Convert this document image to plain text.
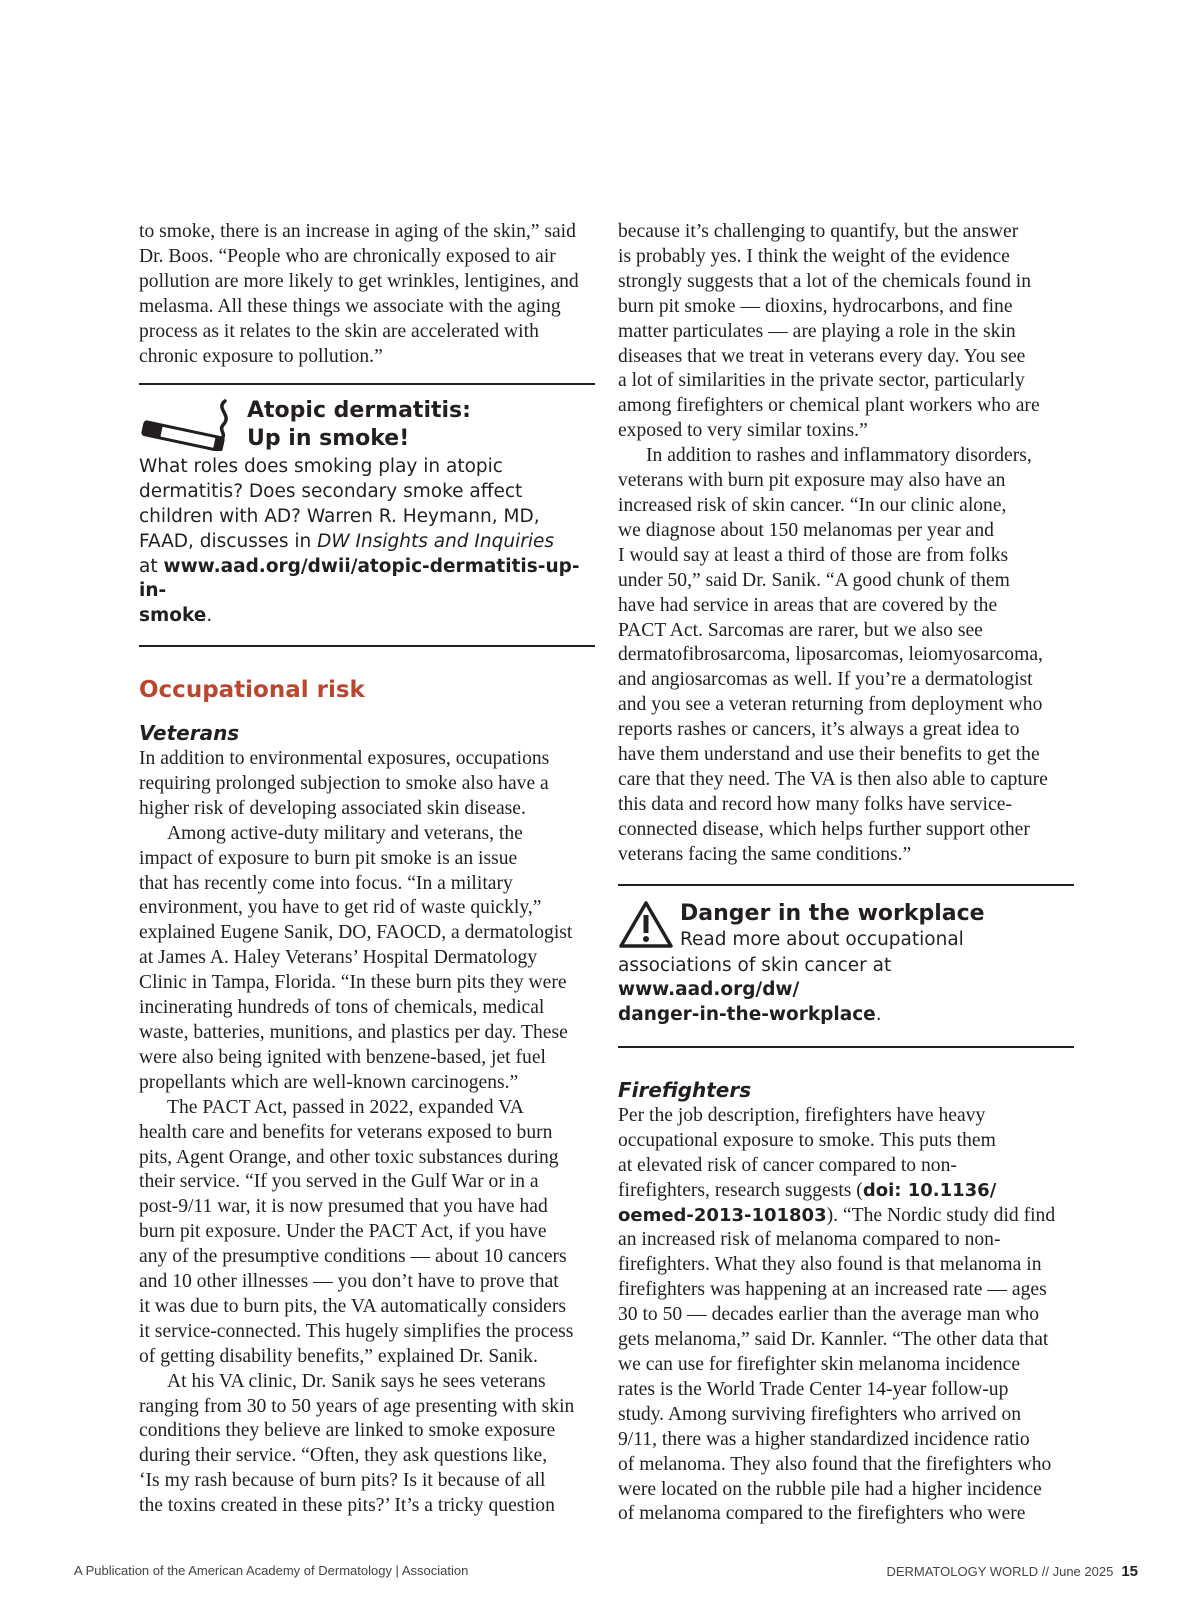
to smoke, there is an increase in aging of the skin,” said
Dr. Boos. “People who are chronically exposed to air
pollution are more likely to get wrinkles, lentigines, and
melasma. All these things we associate with the aging
process as it relates to the skin are accelerated with
chronic exposure to pollution.”

Atopic dermatitis:
Up in smoke!
What roles does smoking play in atopic
dermatitis? Does secondary smoke affect
children with AD? Warren R. Heymann, MD,
FAAD, discusses in DW Insights and Inquiries
at www.aad.org/dwii/atopic-dermatitis-up-in-
smoke.
Occupational risk
Veterans

In addition to environmental exposures, occupations
requiring prolonged subjection to smoke also have a
higher risk of developing associated skin disease.

Among active-duty military and veterans, the
impact of exposure to burn pit smoke is an issue
that has recently come into focus. “In a military
environment, you have to get rid of waste quickly,”
explained Eugene Sanik, DO, FAOCD, a dermatologist
at James A. Haley Veterans’ Hospital Dermatology
Clinic in Tampa, Florida. “In these burn pits they were
incinerating hundreds of tons of chemicals, medical
waste, batteries, munitions, and plastics per day. These
were also being ignited with benzene-based, jet fuel
propellants which are well-known carcinogens.”

The PACT Act, passed in 2022, expanded VA
health care and benefits for veterans exposed to burn
pits, Agent Orange, and other toxic substances during
their service. “If you served in the Gulf War or in a
post-9/11 war, it is now presumed that you have had
burn pit exposure. Under the PACT Act, if you have
any of the presumptive conditions — about 10 cancers
and 10 other illnesses — you don’t have to prove that
it was due to burn pits, the VA automatically considers
it service-connected. This hugely simplifies the process
of getting disability benefits,” explained Dr. Sanik.

At his VA clinic, Dr. Sanik says he sees veterans
ranging from 30 to 50 years of age presenting with skin
conditions they believe are linked to smoke exposure
during their service. “Often, they ask questions like,
‘Is my rash because of burn pits? Is it because of all
the toxins created in these pits?’ It’s a tricky question

because it’s challenging to quantify, but the answer
is probably yes. I think the weight of the evidence
strongly suggests that a lot of the chemicals found in
burn pit smoke — dioxins, hydrocarbons, and fine
matter particulates — are playing a role in the skin
diseases that we treat in veterans every day. You see
a lot of similarities in the private sector, particularly
among firefighters or chemical plant workers who are
exposed to very similar toxins.”

In addition to rashes and inflammatory disorders,
veterans with burn pit exposure may also have an
increased risk of skin cancer. “In our clinic alone,
we diagnose about 150 melanomas per year and
I would say at least a third of those are from folks
under 50,” said Dr. Sanik. “A good chunk of them
have had service in areas that are covered by the
PACT Act. Sarcomas are rarer, but we also see
dermatofibrosarcoma, liposarcomas, leiomyosarcoma,
and angiosarcomas as well. If you’re a dermatologist
and you see a veteran returning from deployment who
reports rashes or cancers, it’s always a great idea to
have them understand and use their benefits to get the
care that they need. The VA is then also able to capture
this data and record how many folks have service-
connected disease, which helps further support other
veterans facing the same conditions.”

Danger in the workplace
Read more about occupational
associations of skin cancer at www.aad.org/dw/
danger-in-the-workplace.
Firefighters

Per the job description, firefighters have heavy
occupational exposure to smoke. This puts them
at elevated risk of cancer compared to non-
firefighters, research suggests (doi: 10.1136/
oemed-2013-101803). “The Nordic study did find
an increased risk of melanoma compared to non-
firefighters. What they also found is that melanoma in
firefighters was happening at an increased rate — ages
30 to 50 — decades earlier than the average man who
gets melanoma,” said Dr. Kannler. “The other data that
we can use for firefighter skin melanoma incidence
rates is the World Trade Center 14-year follow-up
study. Among surviving firefighters who arrived on
9/11, there was a higher standardized incidence ratio
of melanoma. They also found that the firefighters who
were located on the rubble pile had a higher incidence
of melanoma compared to the firefighters who were

A Publication of the American Academy of Dermatology | Association	DERMATOLOGY WORLD // June 2025 15
